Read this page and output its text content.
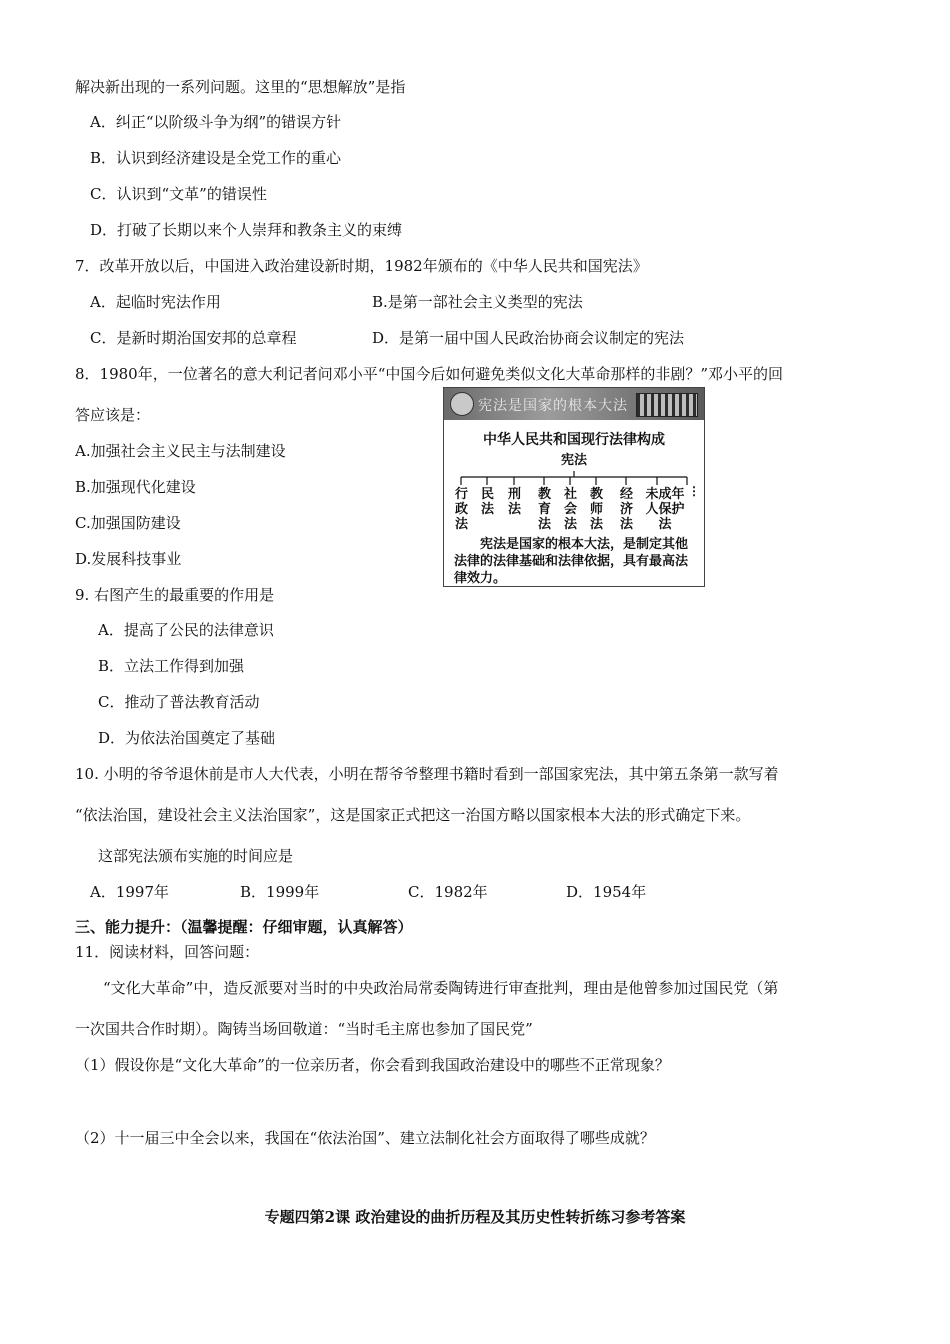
解决新出现的一系列问题。这里的“思想解放”是指
A．纠正“以阶级斗争为纲”的错误方针
B．认识到经济建设是全党工作的重心
C．认识到“文革”的错误性
D．打破了长期以来个人崇拜和教条主义的束缚
7．改革开放以后，中国进入政治建设新时期，1982年颁布的《中华人民共和国宪法》
A．起临时宪法作用	B.是第一部社会主义类型的宪法
C．是新时期治国安邦的总章程	D．是第一届中国人民政治协商会议制定的宪法
8．1980年，一位著名的意大利记者问邓小平“中国今后如何避免类似文化大革命那样的非剧？”邓小平的回
答应该是：
A.加强社会主义民主与法制建设
B.加强现代化建设
C.加强国防建设
D.发展科技事业
宪法是国家的根本大法
中华人民共和国现行法律构成
宪法
行政法
民法
刑法
教育法
社会法
教师法
经济法
未成年人保护法
⋮
宪法是国家的根本大法，是制定其他法律的法律基础和法律依据，具有最高法律效力。
9. 右图产生的最重要的作用是
A．提高了公民的法律意识
B．立法工作得到加强
C．推动了普法教育活动
D．为依法治国奠定了基础
10. 小明的爷爷退休前是市人大代表，小明在帮爷爷整理书籍时看到一部国家宪法，其中第五条第一款写着
“依法治国，建设社会主义法治国家”，这是国家正式把这一治国方略以国家根本大法的形式确定下来。
这部宪法颁布实施的时间应是
A．1997年	B．1999年	C．1982年	D．1954年
三、能力提升：（温馨提醒：仔细审题，认真解答）
11．阅读材料，回答问题：
“文化大革命”中，造反派要对当时的中央政治局常委陶铸进行审查批判，理由是他曾参加过国民党（第
一次国共合作时期）。陶铸当场回敬道：“当时毛主席也参加了国民党”
（1）假设你是“文化大革命”的一位亲历者，你会看到我国政治建设中的哪些不正常现象？
（2）十一届三中全会以来，我国在“依法治国”、建立法制化社会方面取得了哪些成就？
专题四第2课 政治建设的曲折历程及其历史性转折练习参考答案
